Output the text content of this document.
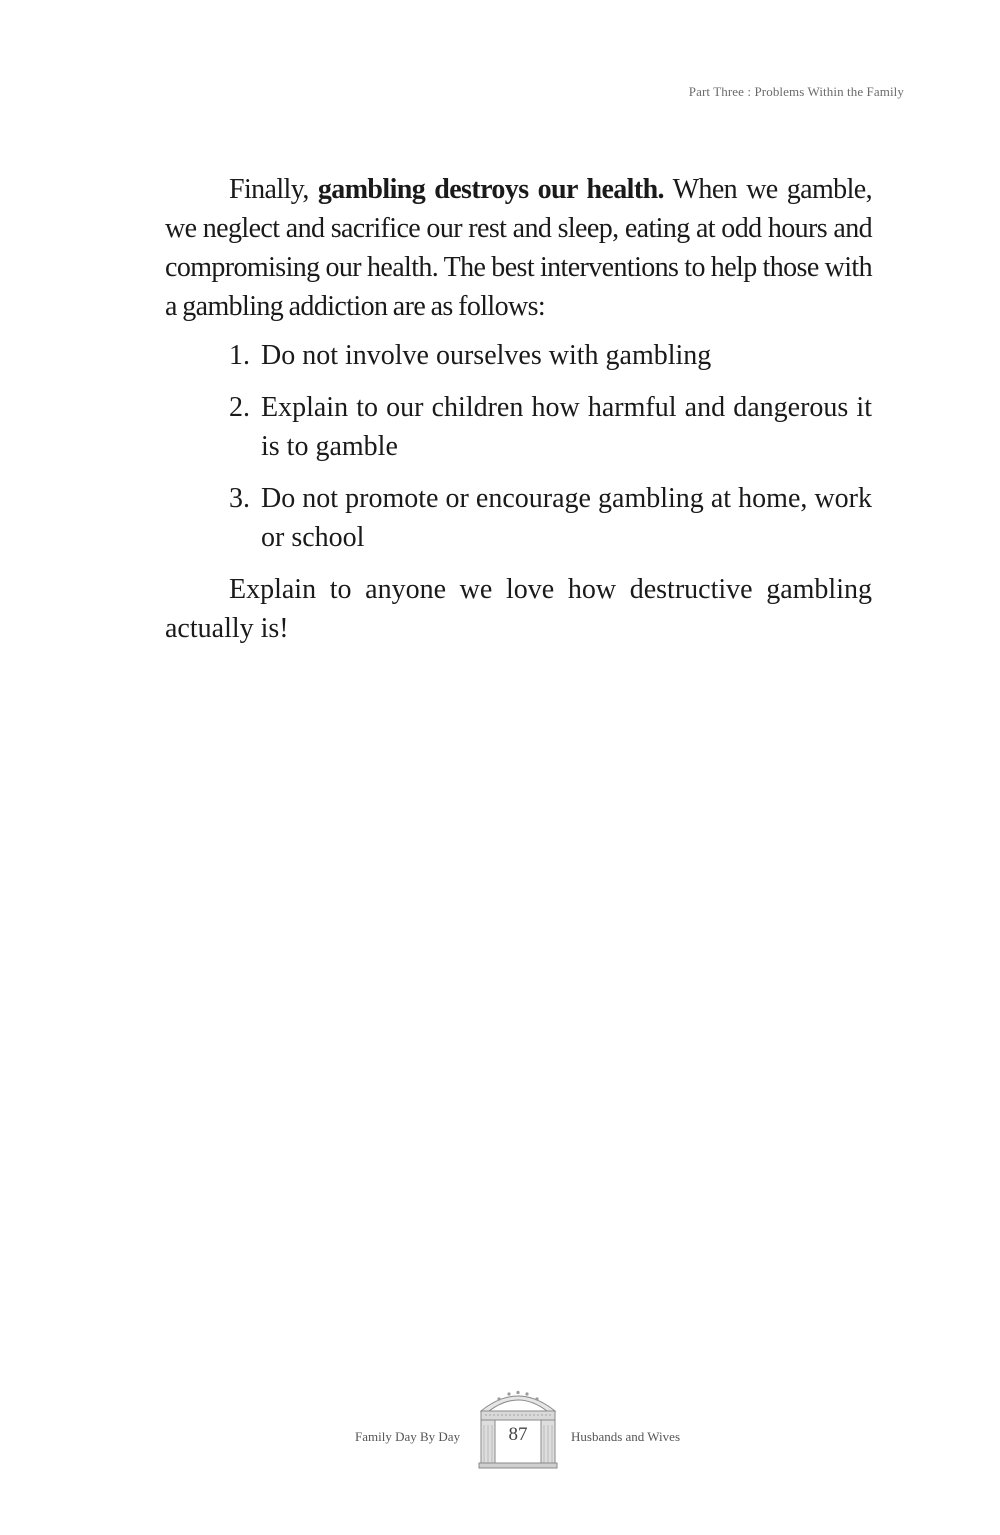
Part Three : Problems Within the Family

Finally, gambling destroys our health. When we gamble, we neglect and sacrifice our rest and sleep, eating at odd hours and compromising our health. The best interventions to help those with a gambling addiction are as follows:

1. Do not involve ourselves with gambling
2. Explain to our children how harmful and dangerous it is to gamble
3. Do not promote or encourage gambling at home, work or school

Explain to anyone we love how destructive gambling actually is!

Family Day By Day	87	Husbands and Wives
